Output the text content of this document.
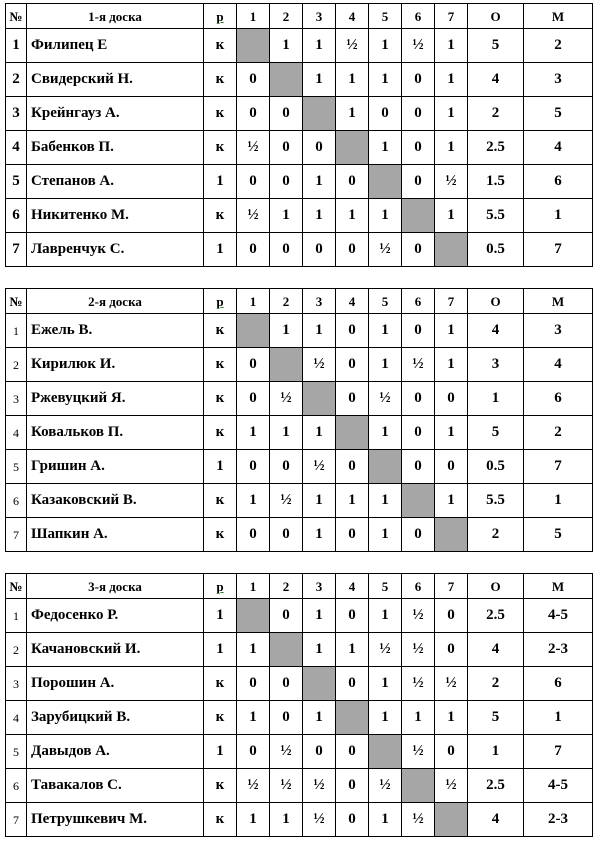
№	1-я доска	р	1	2	3	4	5	6	7	О	М
1	Филипец Е	к		1	1	½	1	½	1	5	2
2	Свидерский Н.	к	0		1	1	1	0	1	4	3
3	Крейнгауз А.	к	0	0		1	0	0	1	2	5
4	Бабенков П.	к	½	0	0		1	0	1	2.5	4
5	Степанов А.	1	0	0	1	0		0	½	1.5	6
6	Никитенко М.	к	½	1	1	1	1		1	5.5	1
7	Лавренчук С.	1	0	0	0	0	½	0		0.5	7
№	2-я доска	р	1	2	3	4	5	6	7	О	М
1	Ежель В.	к		1	1	0	1	0	1	4	3
2	Кирилюк И.	к	0		½	0	1	½	1	3	4
3	Ржевуцкий Я.	к	0	½		0	½	0	0	1	6
4	Ковальков П.	к	1	1	1		1	0	1	5	2
5	Гришин А.	1	0	0	½	0		0	0	0.5	7
6	Казаковский В.	к	1	½	1	1	1		1	5.5	1
7	Шапкин А.	к	0	0	1	0	1	0		2	5
№	3-я доска	р	1	2	3	4	5	6	7	О	М
1	Федосенко Р.	1		0	1	0	1	½	0	2.5	4-5
2	Качановский И.	1	1		1	1	½	½	0	4	2-3
3	Порошин А.	к	0	0		0	1	½	½	2	6
4	Зарубицкий В.	к	1	0	1		1	1	1	5	1
5	Давыдов А.	1	0	½	0	0		½	0	1	7
6	Тавакалов С.	к	½	½	½	0	½		½	2.5	4-5
7	Петрушкевич М.	к	1	1	½	0	1	½		4	2-3
